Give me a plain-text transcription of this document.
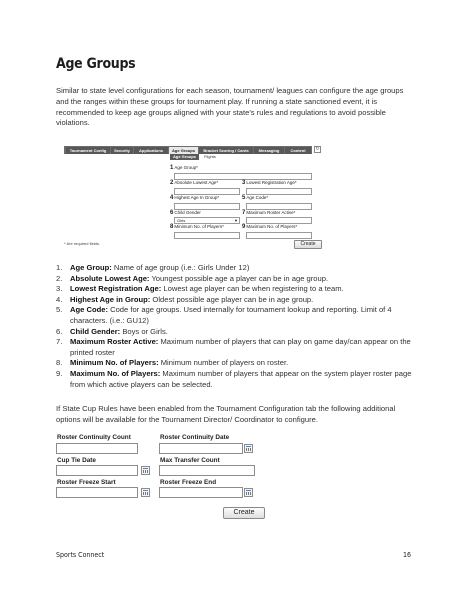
Age Groups
Similar to state level configurations for each season, tournament/ leagues can configure the age groups and the ranges within these groups for tournament play. If running a state sanctioned event, it is recommended to keep age groups aligned with your state's rules and regulations to avoid possible violations.
Tournament Config	Security	Applications	Age Groups	Bracket Scoring / Cards	Messaging	Content	↻
Age Groups	Flights
1Age Group*
2Absolute Lowest Age*	3Lowest Registration Age*
4Highest Age In Group*	5Age Code*
6Child Gender
Girls	▼
7Maximum Roster Active*
8Minimum No. of Players*	9Maximum No. of Players*
* Are required fields.	Create
1. Age Group: Name of age group (i.e.: Girls Under 12)
2. Absolute Lowest Age: Youngest possible age a player can be in age group.
3. Lowest Registration Age: Lowest age player can be when registering to a team.
4. Highest Age in Group: Oldest possible age player can be in age group.
5. Age Code: Code for age groups. Used internally for tournament lookup and reporting. Limit of 4 characters. (i.e.: GU12)
6. Child Gender: Boys or Girls.
7. Maximum Roster Active: Maximum number of players that can play on game day/can appear on the printed roster
8. Minimum No. of Players: Minimum number of players on roster.
9. Maximum No. of Players: Maximum number of players that appear on the system player roster page from which active players can be selected.
If State Cup Rules have been enabled from the Tournament Configuration tab the following additional options will be available for the Tournament Director/ Coordinator to configure.
Roster Continuity Count	Roster Continuity Date
Cup Tie Date	Max Transfer Count
Roster Freeze Start	Roster Freeze End
Create
Sports Connect	16
